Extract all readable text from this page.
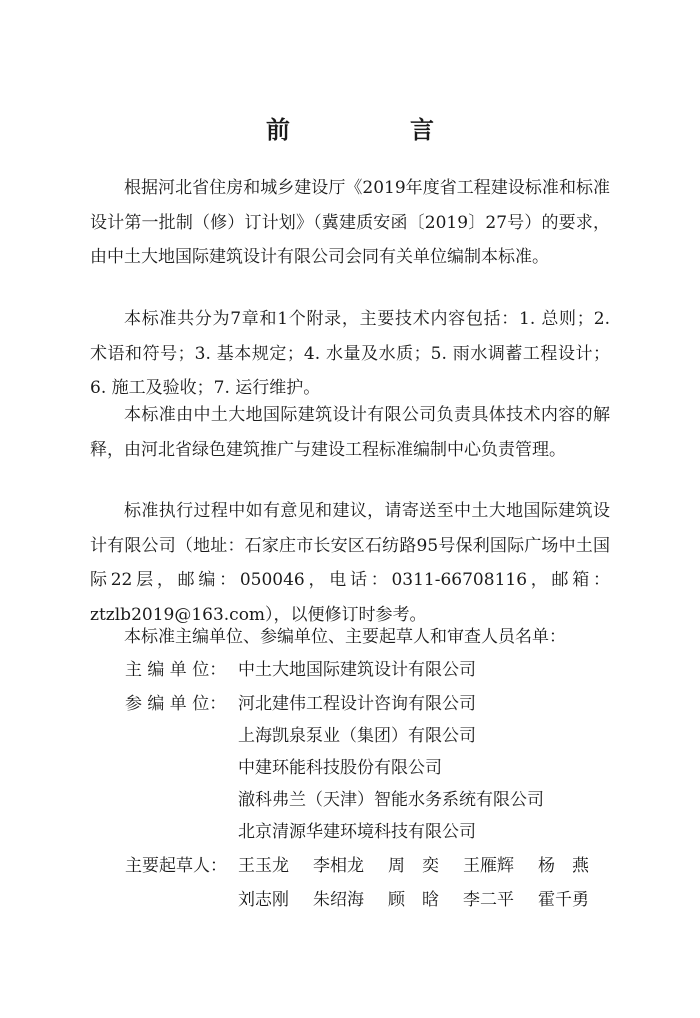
前　言
根据河北省住房和城乡建设厅《2019年度省工程建设标准和标准设计第一批制（修）订计划》（冀建质安函〔2019〕27号）的要求，由中土大地国际建筑设计有限公司会同有关单位编制本标准。
本标准共分为7章和1个附录，主要技术内容包括：1. 总则；2. 术语和符号；3. 基本规定；4. 水量及水质；5. 雨水调蓄工程设计；6. 施工及验收；7. 运行维护。
本标准由中土大地国际建筑设计有限公司负责具体技术内容的解释，由河北省绿色建筑推广与建设工程标准编制中心负责管理。
标准执行过程中如有意见和建议，请寄送至中土大地国际建筑设计有限公司（地址：石家庄市长安区石纺路95号保利国际广场中土国际22层，邮编：050046，电话：0311-66708116，邮箱：ztzlb2019@163.com），以便修订时参考。
本标准主编单位、参编单位、主要起草人和审查人员名单：
主 编 单 位： 中土大地国际建筑设计有限公司
参 编 单 位： 河北建伟工程设计咨询有限公司
上海凯泉泵业（集团）有限公司
中建环能科技股份有限公司
澈科弗兰（天津）智能水务系统有限公司
北京清源华建环境科技有限公司
主要起草人： 王玉龙 李相龙 周　奕 王雁辉 杨　燕
刘志刚 朱绍海 顾　晗 李二平 霍千勇
